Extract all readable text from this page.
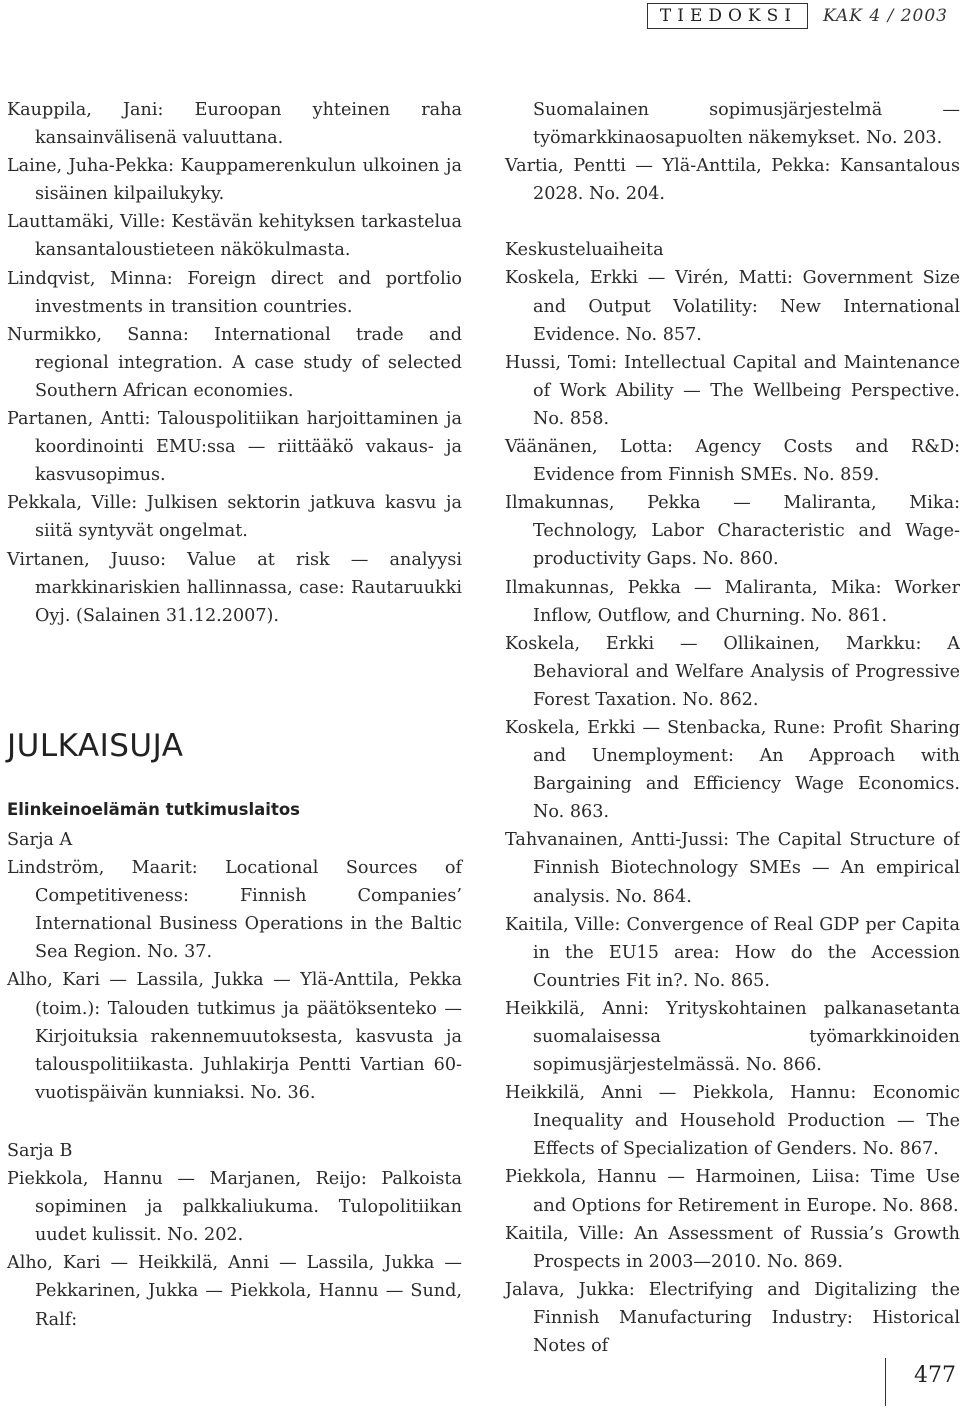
TIEDOKSI	KAK 4 / 2003

Kauppila, Jani: Euroopan yhteinen raha kansainvälisenä valuuttana.

Laine, Juha-Pekka: Kauppamerenkulun ulkoinen ja sisäinen kilpailukyky.

Lauttamäki, Ville: Kestävän kehityksen tarkastelua kansantaloustieteen näkökulmasta.

Lindqvist, Minna: Foreign direct and portfolio investments in transition countries.

Nurmikko, Sanna: International trade and regional integration. A case study of selected Southern African economies.

Partanen, Antti: Talouspolitiikan harjoittaminen ja koordinointi EMU:ssa — riittääkö vakaus- ja kasvusopimus.

Pekkala, Ville: Julkisen sektorin jatkuva kasvu ja siitä syntyvät ongelmat.

Virtanen, Juuso: Value at risk — analyysi markkinariskien hallinnassa, case: Rautaruukki Oyj. (Salainen 31.12.2007).

JULKAISUJA
Elinkeinoelämän tutkimuslaitos

Sarja A

Lindström, Maarit: Locational Sources of Competitiveness: Finnish Companies’ International Business Operations in the Baltic Sea Region. No. 37.

Alho, Kari — Lassila, Jukka — Ylä-Anttila, Pekka (toim.): Talouden tutkimus ja päätöksenteko — Kirjoituksia rakennemuutoksesta, kasvusta ja talouspolitiikasta. Juhlakirja Pentti Vartian 60-vuotispäivän kunniaksi. No. 36.

Sarja B

Piekkola, Hannu — Marjanen, Reijo: Palkoista sopiminen ja palkkaliukuma. Tulopolitiikan uudet kulissit. No. 202.

Alho, Kari — Heikkilä, Anni — Lassila, Jukka — Pekkarinen, Jukka — Piekkola, Hannu — Sund, Ralf:

Suomalainen sopimusjärjestelmä — työmarkkinaosapuolten näkemykset. No. 203.

Vartia, Pentti — Ylä-Anttila, Pekka: Kansantalous 2028. No. 204.

Keskusteluaiheita

Koskela, Erkki — Virén, Matti: Government Size and Output Volatility: New International Evidence. No. 857.

Hussi, Tomi: Intellectual Capital and Maintenance of Work Ability — The Wellbeing Perspective. No. 858.

Väänänen, Lotta: Agency Costs and R&D: Evidence from Finnish SMEs. No. 859.

Ilmakunnas, Pekka — Maliranta, Mika: Technology, Labor Characteristic and Wage-productivity Gaps. No. 860.

Ilmakunnas, Pekka — Maliranta, Mika: Worker Inflow, Outflow, and Churning. No. 861.

Koskela, Erkki — Ollikainen, Markku: A Behavioral and Welfare Analysis of Progressive Forest Taxation. No. 862.

Koskela, Erkki — Stenbacka, Rune: Profit Sharing and Unemployment: An Approach with Bargaining and Efficiency Wage Economics. No. 863.

Tahvanainen, Antti-Jussi: The Capital Structure of Finnish Biotechnology SMEs — An empirical analysis. No. 864.

Kaitila, Ville: Convergence of Real GDP per Capita in the EU15 area: How do the Accession Countries Fit in?. No. 865.

Heikkilä, Anni: Yrityskohtainen palkanasetanta suomalaisessa työmarkkinoiden sopimusjärjestelmässä. No. 866.

Heikkilä, Anni — Piekkola, Hannu: Economic Inequality and Household Production — The Effects of Specialization of Genders. No. 867.

Piekkola, Hannu — Harmoinen, Liisa: Time Use and Options for Retirement in Europe. No. 868.

Kaitila, Ville: An Assessment of Russia’s Growth Prospects in 2003—2010. No. 869.

Jalava, Jukka: Electrifying and Digitalizing the Finnish Manufacturing Industry: Historical Notes of

477
